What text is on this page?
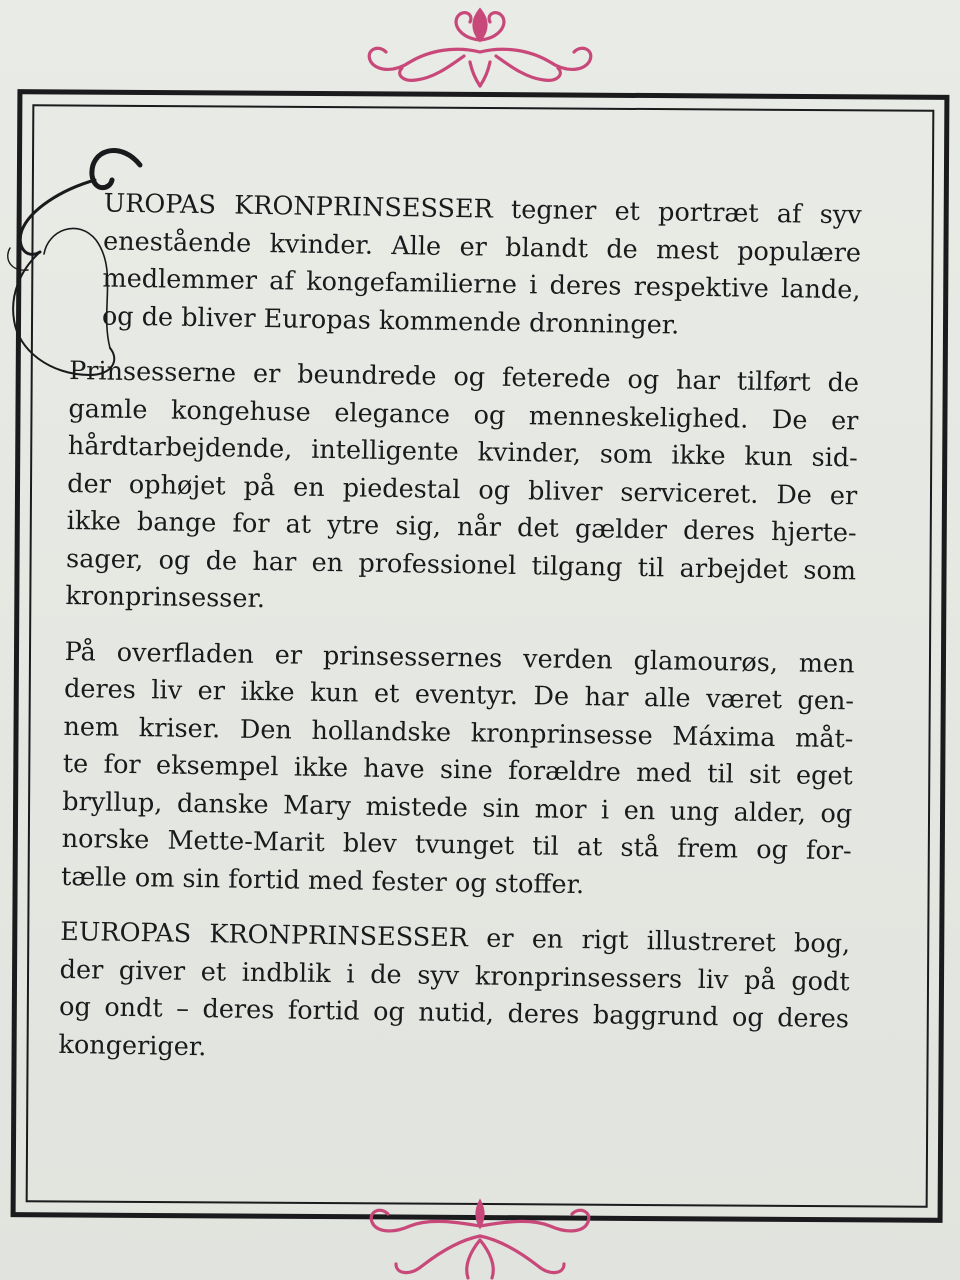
UROPAS KRONPRINSESSER tegner et portræt af syv
enestående kvinder. Alle er blandt de mest populære
medlemmer af kongefamilierne i deres respektive lande,
og de bliver Europas kommende dronninger.
Prinsesserne er beundrede og feterede og har tilført de
gamle kongehuse elegance og menneskelighed. De er
hårdtarbejdende, intelligente kvinder, som ikke kun sid-
der ophøjet på en piedestal og bliver serviceret. De er
ikke bange for at ytre sig, når det gælder deres hjerte-
sager, og de har en professionel tilgang til arbejdet som
kronprinsesser.
På overfladen er prinsessernes verden glamourøs, men
deres liv er ikke kun et eventyr. De har alle været gen-
nem kriser. Den hollandske kronprinsesse Máxima måt-
te for eksempel ikke have sine forældre med til sit eget
bryllup, danske Mary mistede sin mor i en ung alder, og
norske Mette-Marit blev tvunget til at stå frem og for-
tælle om sin fortid med fester og stoffer.
EUROPAS KRONPRINSESSER er en rigt illustreret bog,
der giver et indblik i de syv kronprinsessers liv på godt
og ondt – deres fortid og nutid, deres baggrund og deres
kongeriger.
